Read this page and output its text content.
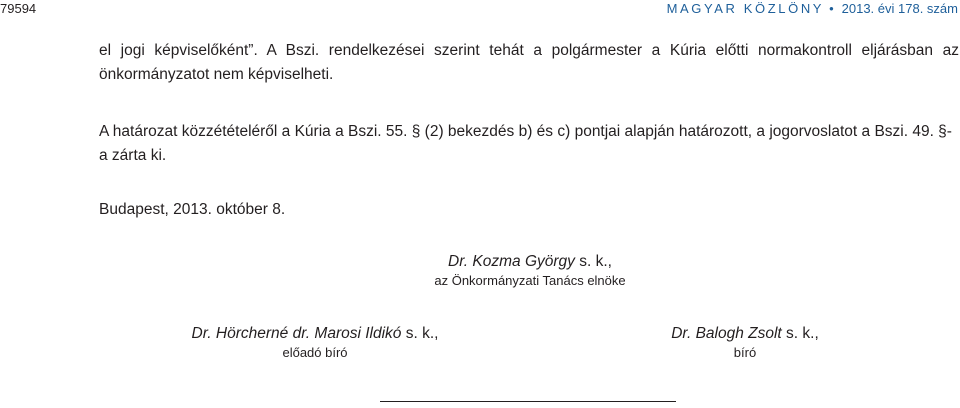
79594	MAGYAR KÖZLÖNY • 2013. évi 178. szám

el jogi képviselőként”. A Bszi. rendelkezései szerint tehát a polgármester a Kúria előtti normakontroll eljárásban az önkormányzatot nem képviselheti.

A határozat közzétételéről a Kúria a Bszi. 55. § (2) bekezdés b) és c) pontjai alapján határozott, a jogorvoslatot a Bszi. 49. §-a zárta ki.

Budapest, 2013. október 8.

Dr. Kozma György s. k.,
az Önkormányzati Tanács elnöke
Dr. Hörcherné dr. Marosi Ildikó s. k.,
előadó bíró
Dr. Balogh Zsolt s. k.,
bíró
